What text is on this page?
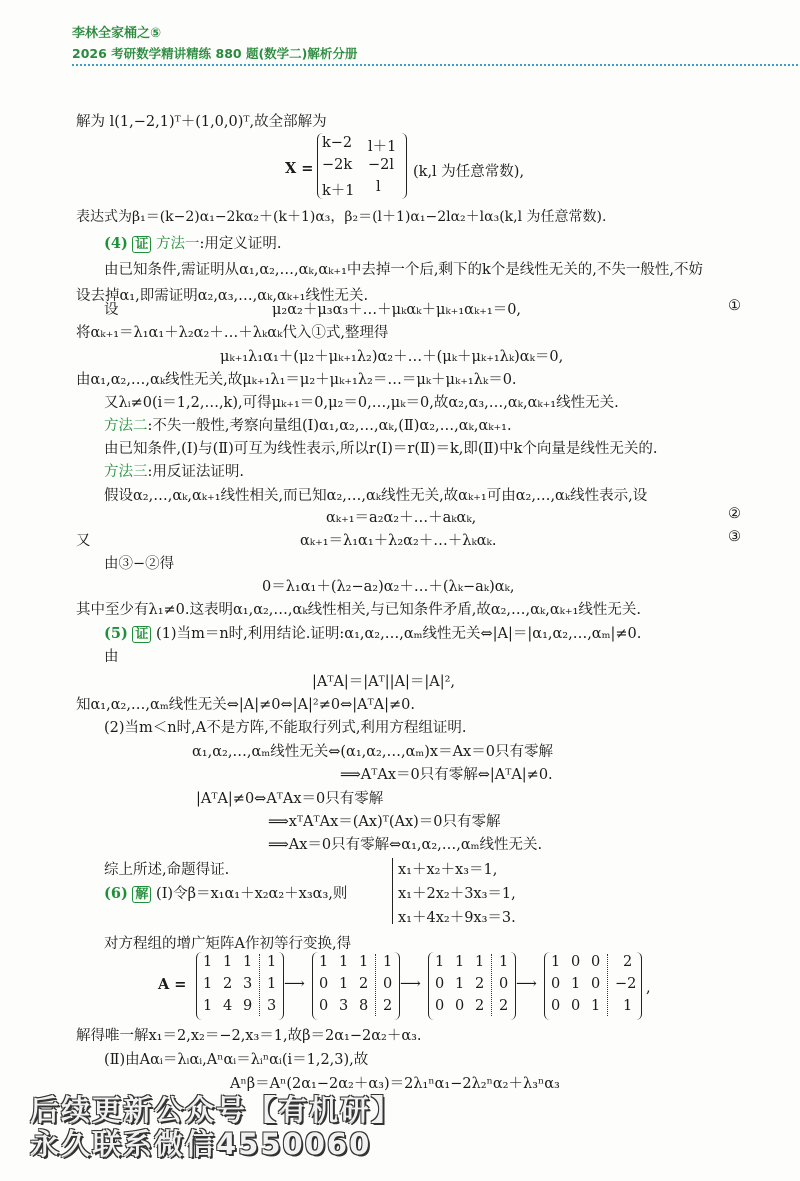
李林全家桶之⑤
2026 考研数学精讲精练 880 题(数学二)解析分册
解为 l(1,−2,1)ᵀ＋(1,0,0)ᵀ,故全部解为
X =
k−2 l＋1
−2k −2l
k＋1 l
(k,l 为任意常数),
表达式为β₁＝(k−2)α₁−2kα₂＋(k＋1)α₃，β₂＝(l＋1)α₁−2lα₂＋lα₃(k,l 为任意常数).
(4) 证 方法一:用定义证明.
由已知条件,需证明从α₁,α₂,…,αₖ,αₖ₊₁中去掉一个后,剩下的k个是线性无关的,不失一般性,不妨
设去掉α₁,即需证明α₂,α₃,…,αₖ,αₖ₊₁线性无关.
设	μ₂α₂＋μ₃α₃＋…＋μₖαₖ＋μₖ₊₁αₖ₊₁＝0,	①
将αₖ₊₁＝λ₁α₁＋λ₂α₂＋…＋λₖαₖ代入①式,整理得
μₖ₊₁λ₁α₁＋(μ₂＋μₖ₊₁λ₂)α₂＋…＋(μₖ＋μₖ₊₁λₖ)αₖ＝0,
由α₁,α₂,…,αₖ线性无关,故μₖ₊₁λ₁＝μ₂＋μₖ₊₁λ₂＝…＝μₖ＋μₖ₊₁λₖ＝0.
又λᵢ≠0(i＝1,2,…,k),可得μₖ₊₁＝0,μ₂＝0,…,μₖ＝0,故α₂,α₃,…,αₖ,αₖ₊₁线性无关.
方法二:不失一般性,考察向量组(Ⅰ)α₁,α₂,…,αₖ,(Ⅱ)α₂,…,αₖ,αₖ₊₁.
由已知条件,(Ⅰ)与(Ⅱ)可互为线性表示,所以r(Ⅰ)＝r(Ⅱ)＝k,即(Ⅱ)中k个向量是线性无关的.
方法三:用反证法证明.
假设α₂,…,αₖ,αₖ₊₁线性相关,而已知α₂,…,αₖ线性无关,故αₖ₊₁可由α₂,…,αₖ线性表示,设
αₖ₊₁＝a₂α₂＋…＋aₖαₖ,	②
又	αₖ₊₁＝λ₁α₁＋λ₂α₂＋…＋λₖαₖ.	③
由③−②得
0＝λ₁α₁＋(λ₂−a₂)α₂＋…＋(λₖ−aₖ)αₖ,
其中至少有λ₁≠0.这表明α₁,α₂,…,αₖ线性相关,与已知条件矛盾,故α₂,…,αₖ,αₖ₊₁线性无关.
(5) 证 (1)当m＝n时,利用结论.证明:α₁,α₂,…,αₘ线性无关⇔|A|＝|α₁,α₂,…,αₘ|≠0.
由
|AᵀA|＝|Aᵀ||A|＝|A|²,
知α₁,α₂,…,αₘ线性无关⇔|A|≠0⇔|A|²≠0⇔|AᵀA|≠0.
(2)当m＜n时,A不是方阵,不能取行列式,利用方程组证明.
α₁,α₂,…,αₘ线性无关⇔(α₁,α₂,…,αₘ)x＝Ax＝0只有零解
⟹AᵀAx＝0只有零解⇔|AᵀA|≠0.
|AᵀA|≠0⇔AᵀAx＝0只有零解
⟹xᵀAᵀAx＝(Ax)ᵀ(Ax)＝0只有零解
⟹Ax＝0只有零解⇔α₁,α₂,…,αₘ线性无关.
综上所述,命题得证.
(6) 解 (Ⅰ)令β＝x₁α₁＋x₂α₂＋x₃α₃,则
x₁＋x₂＋x₃＝1,
x₁＋2x₂＋3x₃＝1,
x₁＋4x₂＋9x₃＝3.
对方程组的增广矩阵A作初等行变换,得
A =
1 1 1 1
1 2 3 1
1 4 9 3
⟶
1 1 1 1
0 1 2 0
0 3 8 2
⟶
1 1 1 1
0 1 2 0
0 0 2 2
⟶
1 0 0 2
0 1 0 −2
0 0 1 1
,
解得唯一解x₁＝2,x₂＝−2,x₃＝1,故β＝2α₁−2α₂＋α₃.
(Ⅱ)由Aαᵢ＝λᵢαᵢ,Aⁿαᵢ＝λᵢⁿαᵢ(i＝1,2,3),故
Aⁿβ＝Aⁿ(2α₁−2α₂＋α₃)＝2λ₁ⁿα₁−2λ₂ⁿα₂＋λ₃ⁿα₃
后续更新公众号【有机研】
永久联系微信4550060
